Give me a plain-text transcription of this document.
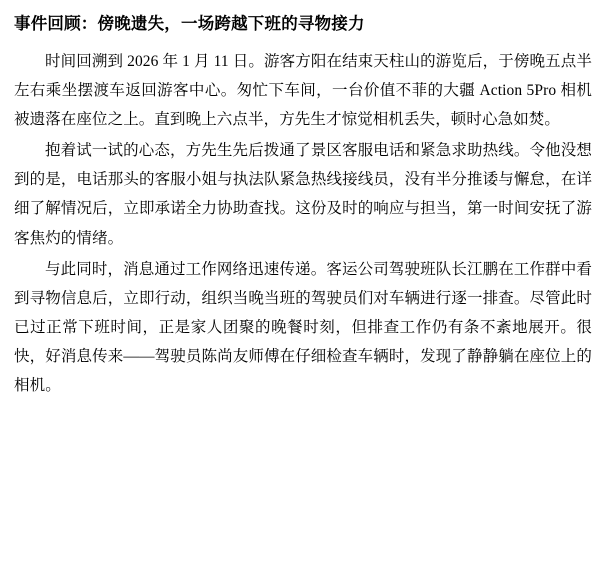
事件回顾：傍晚遗失，一场跨越下班的寻物接力

时间回溯到 2026 年 1 月 11 日。游客方阳在结束天柱山的游览后，于傍晚五点半左右乘坐摆渡车返回游客中心。匆忙下车间，一台价值不菲的大疆 Action 5Pro 相机被遗落在座位之上。直到晚上六点半，方先生才惊觉相机丢失，顿时心急如焚。

抱着试一试的心态，方先生先后拨通了景区客服电话和紧急求助热线。令他没想到的是，电话那头的客服小姐与执法队紧急热线接线员，没有半分推诿与懈怠，在详细了解情况后，立即承诺全力协助查找。这份及时的响应与担当，第一时间安抚了游客焦灼的情绪。

与此同时，消息通过工作网络迅速传递。客运公司驾驶班队长江鹏在工作群中看到寻物信息后，立即行动，组织当晚当班的驾驶员们对车辆进行逐一排查。尽管此时已过正常下班时间，正是家人团聚的晚餐时刻，但排查工作仍有条不紊地展开。很快，好消息传来——驾驶员陈尚友师傅在仔细检查车辆时，发现了静静躺在座位上的相机。
